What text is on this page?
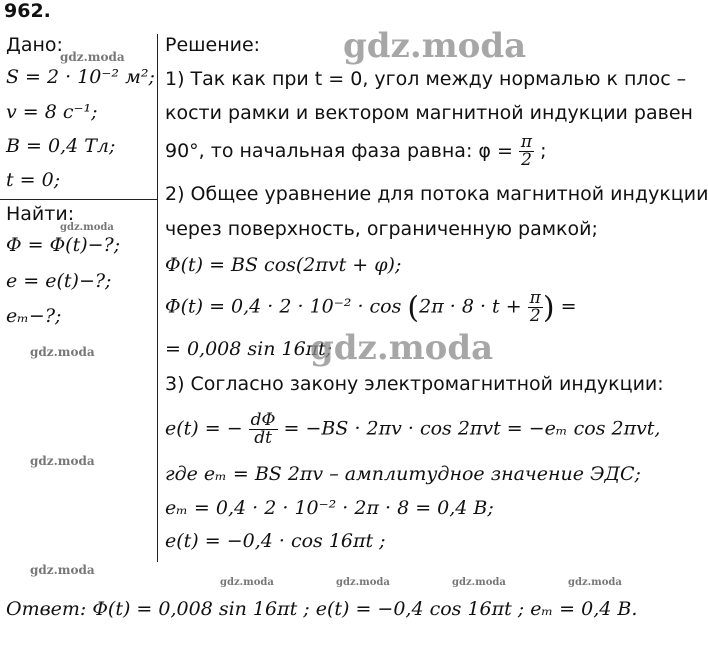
962.
Дано:
S = 2 · 10⁻² м²;
v = 8 с⁻¹;
B = 0,4 Тл;
t = 0;
Найти:
Φ = Φ(t)−?;
e = e(t)−?;
eₘ−?;
Решение:
1) Так как при t = 0, угол между нормалью к плос –
кости рамки и вектором магнитной индукции равен
90°, то начальная фаза равна: $\varphi = \frac{\pi}{2}$ ;
2) Общее уравнение для потока магнитной индукции
через поверхность, ограниченную рамкой;
Φ(t) = BS cos(2πvt + φ);
$\Phi(t) = 0,4 \cdot 2 \cdot 10^{-2} \cdot \cos (2\pi \cdot 8 \cdot t + \frac{\pi}{2}$ ) =
= 0,008 sin 16πt;
3) Согласно закону электромагнитной индукции:
e(t) = − $\frac{d\Phi}{dt} = -BS \cdot 2\pi v \cdot \cos 2\pi vt = -e_m$ cos 2πvt,
где eₘ = BS 2πv – амплитудное значение ЭДС;
eₘ = 0,4 · 2 · 10⁻² · 2π · 8 = 0,4 В;
e(t) = −0,4 · cos 16πt ;
Ответ: Φ(t) = 0,008 sin 16πt ; e(t) = −0,4 cos 16πt ; eₘ = 0,4 В.
gdz.moda
gdz.moda
gdz.moda
gdz.moda
gdz.moda
gdz.moda
gdz.moda
gdz.moda	gdz.moda	gdz.moda	gdz.moda
